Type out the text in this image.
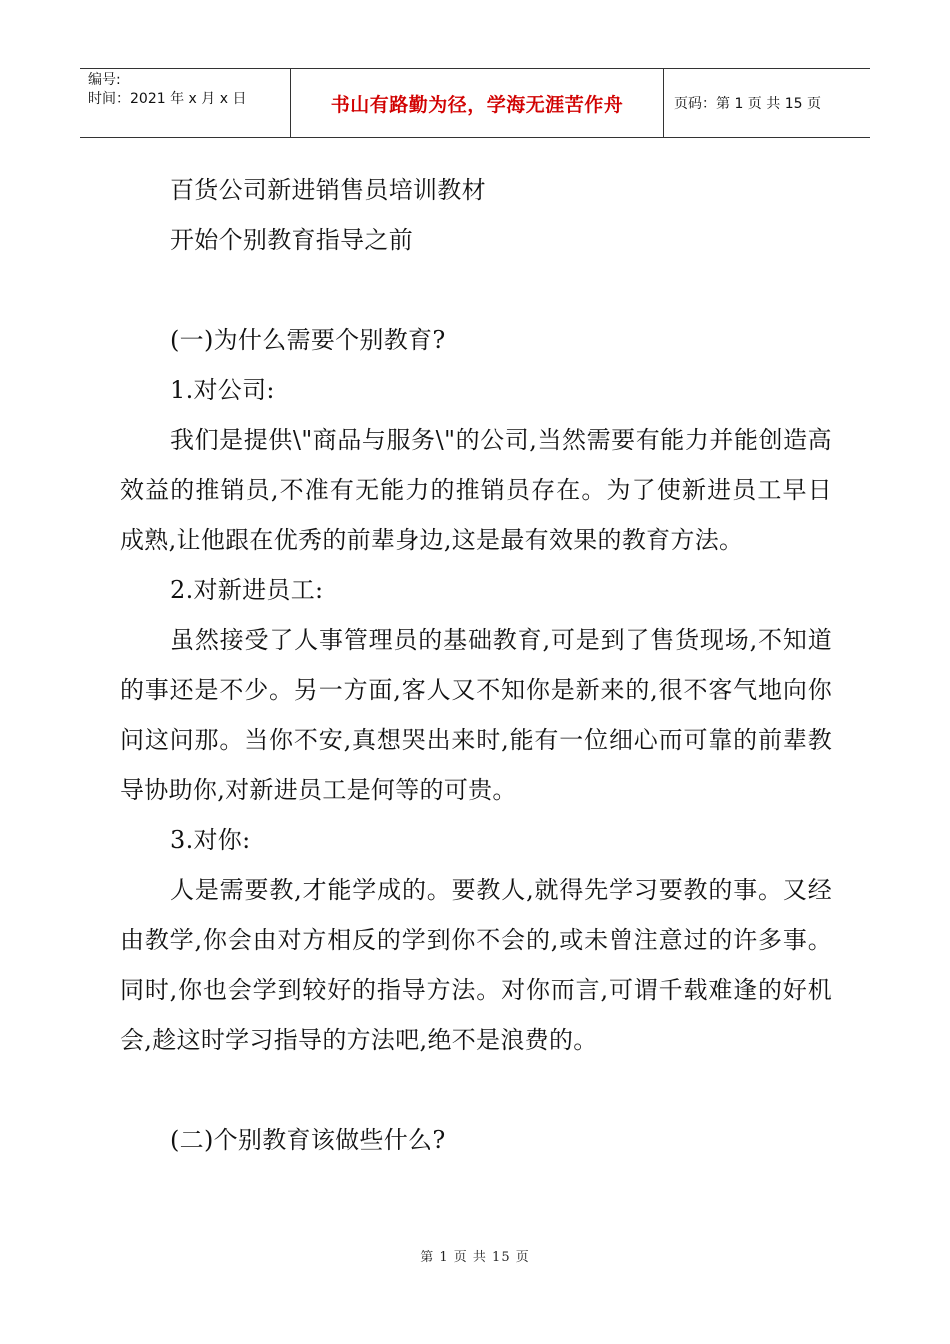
编号:
时间：2021 年 x 月 x 日	书山有路勤为径，学海无涯苦作舟	页码：第 1 页 共 15 页

百货公司新进销售员培训教材

开始个别教育指导之前

(一)为什么需要个别教育?

1.对公司:

我们是提供\"商品与服务\"的公司,当然需要有能力并能创造高效益的推销员,不准有无能力的推销员存在。为了使新进员工早日成熟,让他跟在优秀的前辈身边,这是最有效果的教育方法。

2.对新进员工:

虽然接受了人事管理员的基础教育,可是到了售货现场,不知道的事还是不少。另一方面,客人又不知你是新来的,很不客气地向你问这问那。当你不安,真想哭出来时,能有一位细心而可靠的前辈教导协助你,对新进员工是何等的可贵。

3.对你:

人是需要教,才能学成的。要教人,就得先学习要教的事。又经由教学,你会由对方相反的学到你不会的,或未曾注意过的许多事。同时,你也会学到较好的指导方法。对你而言,可谓千载难逢的好机会,趁这时学习指导的方法吧,绝不是浪费的。

(二)个别教育该做些什么?

第 1 页 共 15 页
